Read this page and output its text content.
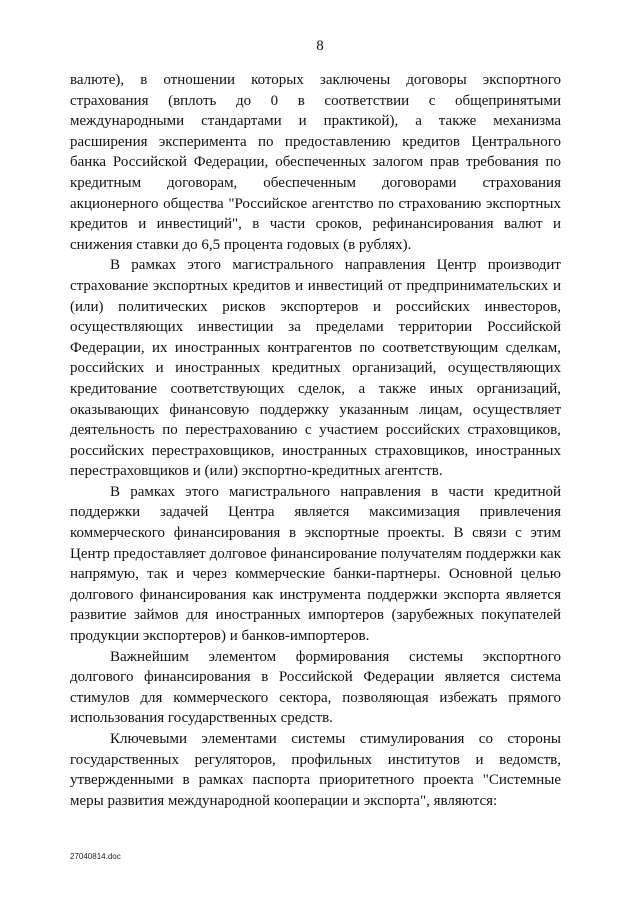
8

валюте), в отношении которых заключены договоры экспортного страхования (вплоть до 0 в соответствии с общепринятыми международными стандартами и практикой), а также механизма расширения эксперимента по предоставлению кредитов Центрального банка Российской Федерации, обеспеченных залогом прав требования по кредитным договорам, обеспеченным договорами страхования акционерного общества "Российское агентство по страхованию экспортных кредитов и инвестиций", в части сроков, рефинансирования валют и снижения ставки до 6,5 процента годовых (в рублях).

В рамках этого магистрального направления Центр производит страхование экспортных кредитов и инвестиций от предпринимательских и (или) политических рисков экспортеров и российских инвесторов, осуществляющих инвестиции за пределами территории Российской Федерации, их иностранных контрагентов по соответствующим сделкам, российских и иностранных кредитных организаций, осуществляющих кредитование соответствующих сделок, а также иных организаций, оказывающих финансовую поддержку указанным лицам, осуществляет деятельность по перестрахованию с участием российских страховщиков, российских перестраховщиков, иностранных страховщиков, иностранных перестраховщиков и (или) экспортно-кредитных агентств.

В рамках этого магистрального направления в части кредитной поддержки задачей Центра является максимизация привлечения коммерческого финансирования в экспортные проекты. В связи с этим Центр предоставляет долговое финансирование получателям поддержки как напрямую, так и через коммерческие банки-партнеры. Основной целью долгового финансирования как инструмента поддержки экспорта является развитие займов для иностранных импортеров (зарубежных покупателей продукции экспортеров) и банков-импортеров.

Важнейшим элементом формирования системы экспортного долгового финансирования в Российской Федерации является система стимулов для коммерческого сектора, позволяющая избежать прямого использования государственных средств.

Ключевыми элементами системы стимулирования со стороны государственных регуляторов, профильных институтов и ведомств, утвержденными в рамках паспорта приоритетного проекта "Системные меры развития международной кооперации и экспорта", являются:

27040814.doc
